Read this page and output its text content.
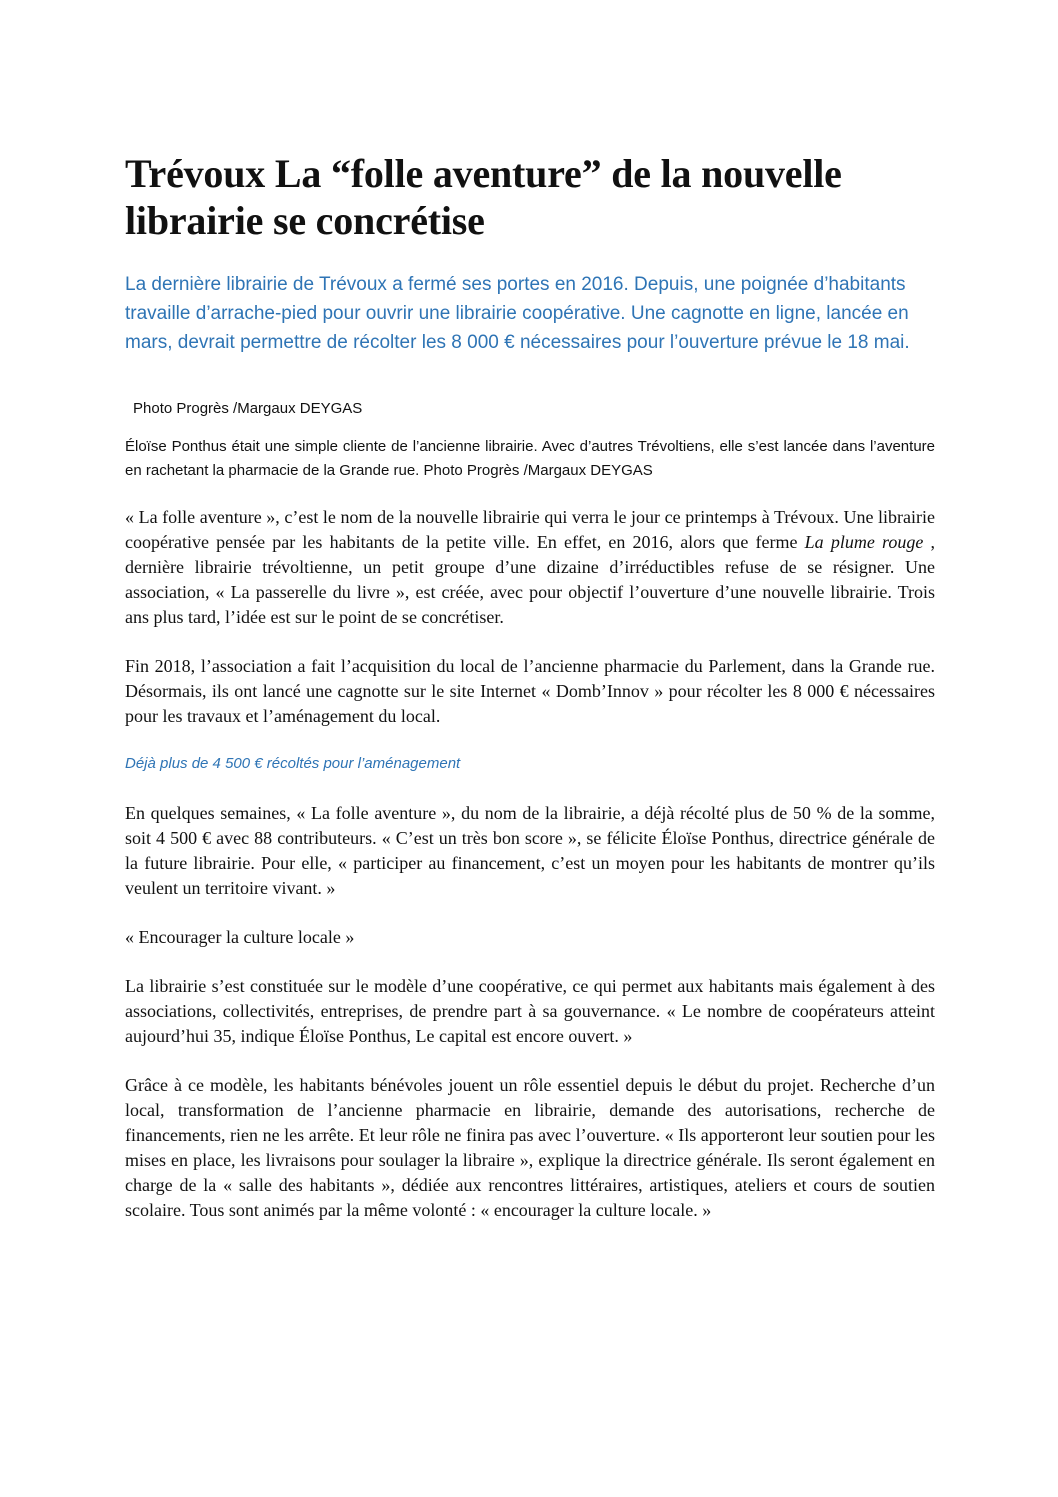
Trévoux La “folle aventure” de la nouvelle librairie se concrétise

La dernière librairie de Trévoux a fermé ses portes en 2016. Depuis, une poignée d’habitants travaille d’arrache-pied pour ouvrir une librairie coopérative. Une cagnotte en ligne, lancée en mars, devrait permettre de récolter les 8 000 € nécessaires pour l’ouverture prévue le 18 mai.

Photo Progrès /Margaux DEYGAS

Éloïse Ponthus était une simple cliente de l’ancienne librairie. Avec d’autres Trévoltiens, elle s’est lancée dans l’aventure en rachetant la pharmacie de la Grande rue. Photo Progrès /Margaux DEYGAS

« La folle aventure », c’est le nom de la nouvelle librairie qui verra le jour ce printemps à Trévoux. Une librairie coopérative pensée par les habitants de la petite ville. En effet, en 2016, alors que ferme La plume rouge , dernière librairie trévoltienne, un petit groupe d’une dizaine d’irréductibles refuse de se résigner. Une association, « La passerelle du livre », est créée, avec pour objectif l’ouverture d’une nouvelle librairie. Trois ans plus tard, l’idée est sur le point de se concrétiser.

Fin 2018, l’association a fait l’acquisition du local de l’ancienne pharmacie du Parlement, dans la Grande rue. Désormais, ils ont lancé une cagnotte sur le site Internet « Domb’Innov » pour récolter les 8 000 € nécessaires pour les travaux et l’aménagement du local.

Déjà plus de 4 500 € récoltés pour l’aménagement

En quelques semaines, « La folle aventure », du nom de la librairie, a déjà récolté plus de 50 % de la somme, soit 4 500 € avec 88 contributeurs. « C’est un très bon score », se félicite Éloïse Ponthus, directrice générale de la future librairie. Pour elle, « participer au financement, c’est un moyen pour les habitants de montrer qu’ils veulent un territoire vivant. »

« Encourager la culture locale »

La librairie s’est constituée sur le modèle d’une coopérative, ce qui permet aux habitants mais également à des associations, collectivités, entreprises, de prendre part à sa gouvernance. « Le nombre de coopérateurs atteint aujourd’hui 35, indique Éloïse Ponthus, Le capital est encore ouvert. »

Grâce à ce modèle, les habitants bénévoles jouent un rôle essentiel depuis le début du projet. Recherche d’un local, transformation de l’ancienne pharmacie en librairie, demande des autorisations, recherche de financements, rien ne les arrête. Et leur rôle ne finira pas avec l’ouverture. « Ils apporteront leur soutien pour les mises en place, les livraisons pour soulager la libraire », explique la directrice générale. Ils seront également en charge de la « salle des habitants », dédiée aux rencontres littéraires, artistiques, ateliers et cours de soutien scolaire. Tous sont animés par la même volonté : « encourager la culture locale. »
